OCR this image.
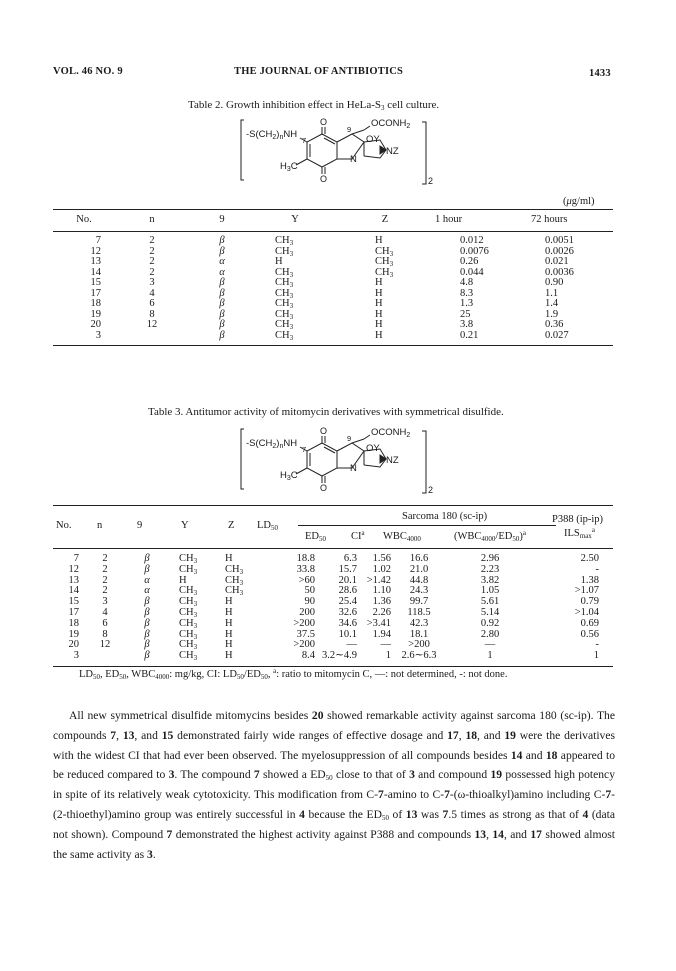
VOL. 46 NO. 9	THE JOURNAL OF ANTIBIOTICS	1433
Table 2. Growth inhibition effect in HeLa-$S_3$ cell culture.
$-S(CH_2)_nNH$
O
O
7
9
$OCONH_2$
OY
NZ
N
$H_3C$
2
(μg/ml)
No.	n	9	Y	Z	1 hour	72 hours
7	2	β	$CH_3$	H	0.012	0.0051
12	2	β	$CH_3$	$CH_3$	0.0076	0.0026
13	2	α	H	$CH_3$	0.26	0.021
14	2	α	$CH_3$	$CH_3$	0.044	0.0036
15	3	β	$CH_3$	H	4.8	0.90
17	4	β	$CH_3$	H	8.3	1.1
18	6	β	$CH_3$	H	1.3	1.4
19	8	β	$CH_3$	H	25	1.9
20	12	β	$CH_3$	H	3.8	0.36
3		β	$CH_3$	H	0.21	0.027
Table 3. Antitumor activity of mitomycin derivatives with symmetrical disulfide.
$-S(CH_2)_nNH$
O
O
7
9
$OCONH_2$
OY
NZ
N
$H_3C$
2
Sarcoma 180 (sc-ip)
No. n	9	Y	Z $LD_{50}$
$ED_{50}$ $CI^a$ $WBC_{4000}$	$(WBC_{4000}/ED_{50})^a$
P388 (ip-ip)
$ILS_{max}^a$
7	2	β	$CH_3$	H	18.8	6.3	1.56	16.6	2.96	2.50
12	2	β	$CH_3$	$CH_3$	33.8	15.7	1.02	21.0	2.23	-
13	2	α	H	$CH_3$	>60	20.1	>1.42	44.8	3.82	1.38
14	2	α	$CH_3$	$CH_3$	50	28.6	1.10	24.3	1.05	>1.07
15	3	β	$CH_3$	H	90	25.4	1.36	99.7	5.61	0.79
17	4	β	$CH_3$	H	200	32.6	2.26	118.5	5.14	>1.04
18	6	β	$CH_3$	H	>200	34.6	>3.41	42.3	0.92	0.69
19	8	β	$CH_3$	H	37.5	10.1	1.94	18.1	2.80	0.56
20	12	β	$CH_3$	H	>200	—	—	>200	—	-
3		β	$CH_3$	H	8.4	3.2∼4.9	1	2.6∼6.3	1	1
$LD_{50}$, $ED_{50}$, $WBC_{4000}$: mg/kg, CI: $LD_{50}/ED_{50}$, $^a$: ratio to mitomycin C, —: not determined, -: not done.
All new symmetrical disulfide mitomycins besides 20 showed remarkable activity against sarcoma 180 (sc-ip). The compounds 7, 13, and 15 demonstrated fairly wide ranges of effective dosage and 17, 18, and 19 were the derivatives with the widest CI that had ever been observed. The myelosuppression of all compounds besides 14 and 18 appeared to be reduced compared to 3. The compound 7 showed a $ED_{50}$ close to that of 3 and compound 19 possessed high potency in spite of its relatively weak cytotoxicity. This modification from C-7-amino to C-7-(ω-thioalkyl)amino including C-7-(2-thioethyl)amino group was entirely successful in 4 because the $ED_{50}$ of 13 was 7.5 times as strong as that of 4 (data not shown). Compound 7 demonstrated the highest activity against P388 and compounds 13, 14, and 17 showed almost the same activity as 3.
